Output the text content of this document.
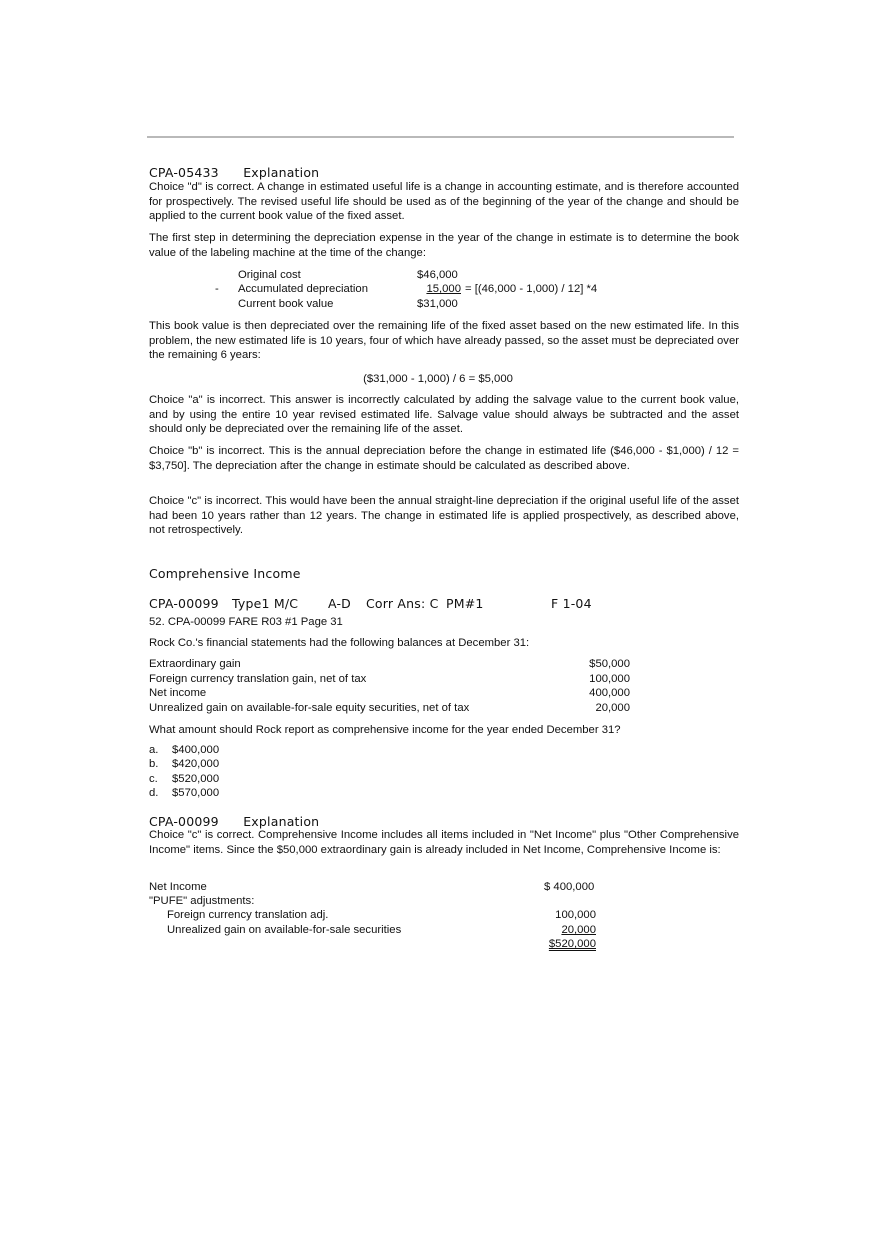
CPA-05433 Explanation
Choice "d" is correct. A change in estimated useful life is a change in accounting estimate, and is therefore accounted for prospectively. The revised useful life should be used as of the beginning of the year of the change and should be applied to the current book value of the fixed asset.
The first step in determining the depreciation expense in the year of the change in estimate is to determine the book value of the labeling machine at the time of the change:
Original cost	$46,000
- Accumulated depreciation	15,000 = [(46,000 - 1,000) / 12] *4
Current book value	$31,000
This book value is then depreciated over the remaining life of the fixed asset based on the new estimated life. In this problem, the new estimated life is 10 years, four of which have already passed, so the asset must be depreciated over the remaining 6 years:
($31,000 - 1,000) / 6 = $5,000
Choice "a" is incorrect. This answer is incorrectly calculated by adding the salvage value to the current book value, and by using the entire 10 year revised estimated life. Salvage value should always be subtracted and the asset should only be depreciated over the remaining life of the asset.
Choice "b" is incorrect. This is the annual depreciation before the change in estimated life ($46,000 - $1,000) / 12 = $3,750]. The depreciation after the change in estimate should be calculated as described above.
Choice "c" is incorrect. This would have been the annual straight-line depreciation if the original useful life of the asset had been 10 years rather than 12 years. The change in estimated life is applied prospectively, as described above, not retrospectively.
Comprehensive Income
CPA-00099 Type1 M/C A-D Corr Ans: C PM#1	F 1-04
52. CPA-00099 FARE R03 #1 Page 31
Rock Co.'s financial statements had the following balances at December 31:
Extraordinary gain	$50,000
Foreign currency translation gain, net of tax	100,000
Net income	400,000
Unrealized gain on available-for-sale equity securities, net of tax	20,000
What amount should Rock report as comprehensive income for the year ended December 31?
a. $400,000
b. $420,000
c. $520,000
d. $570,000
CPA-00099 Explanation
Choice "c" is correct. Comprehensive Income includes all items included in "Net Income" plus "Other Comprehensive Income" items. Since the $50,000 extraordinary gain is already included in Net Income, Comprehensive Income is:
Net Income	$ 400,000
"PUFE" adjustments:
Foreign currency translation adj.	100,000
Unrealized gain on available-for-sale securities	20,000
$520,000
